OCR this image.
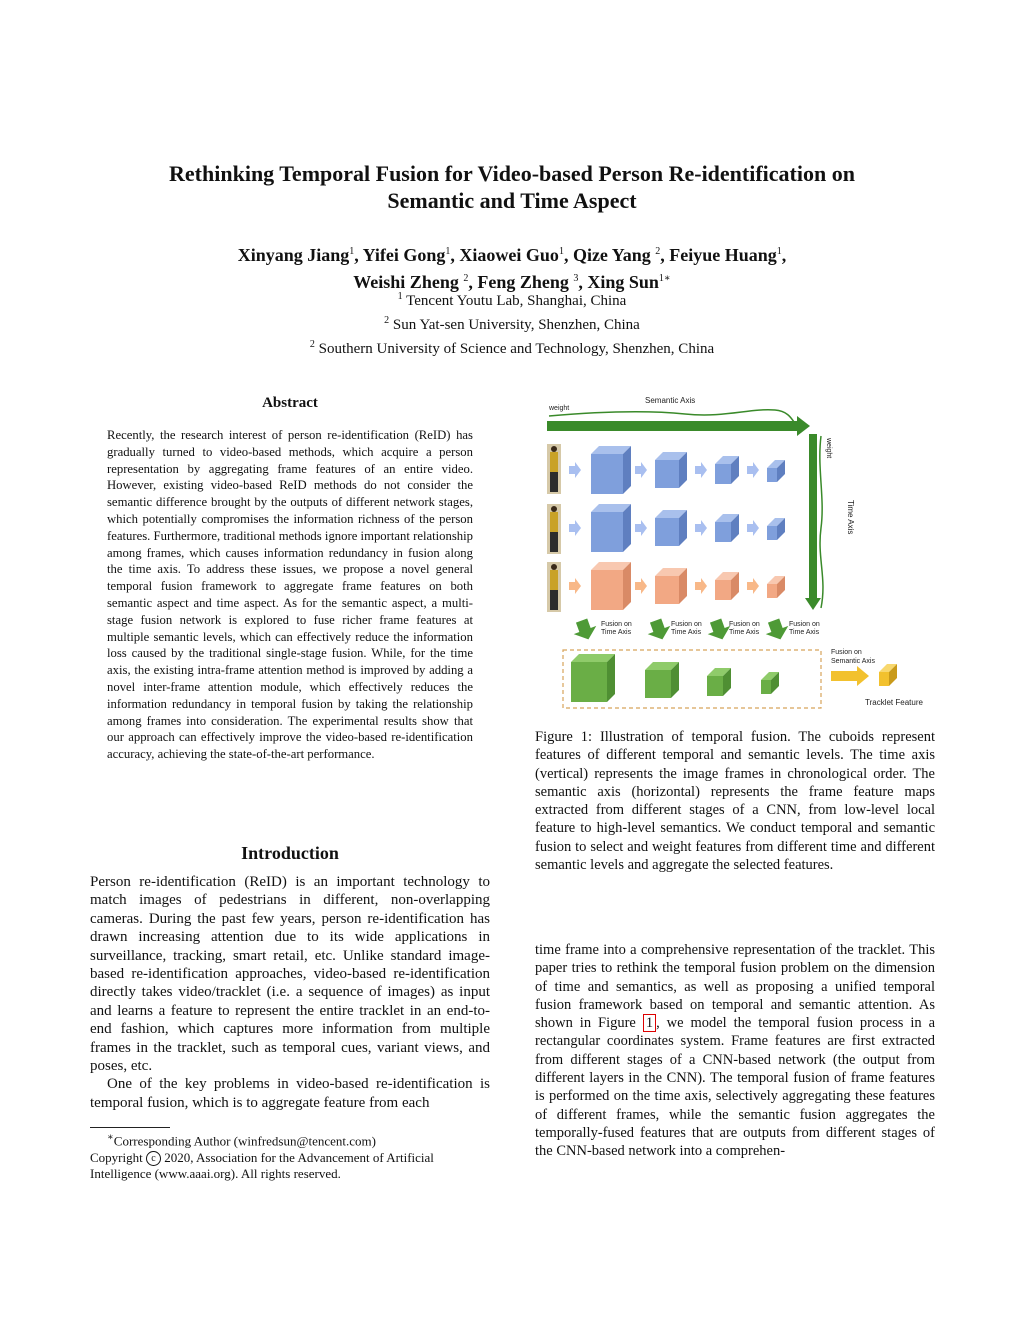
Rethinking Temporal Fusion for Video-based Person Re-identification on
Semantic and Time Aspect
Xinyang Jiang$^1$, Yifei Gong$^1$, Xiaowei Guo$^1$, Qize Yang $^2$, Feiyue Huang$^1$,
Weishi Zheng $^2$, Feng Zheng $^3$, Xing Sun$^{1∗}$
$^1$ Tencent Youtu Lab, Shanghai, China
$^2$ Sun Yat-sen University, Shenzhen, China
$^2$ Southern University of Science and Technology, Shenzhen, China
Abstract
Recently, the research interest of person re-identification (ReID) has gradually turned to video-based methods, which acquire a person representation by aggregating frame features of an entire video. However, existing video-based ReID methods do not consider the semantic difference brought by the outputs of different network stages, which potentially compromises the information richness of the person features. Furthermore, traditional methods ignore important relationship among frames, which causes information redundancy in fusion along the time axis. To address these issues, we propose a novel general temporal fusion framework to aggregate frame features on both semantic aspect and time aspect. As for the semantic aspect, a multi-stage fusion network is explored to fuse richer frame features at multiple semantic levels, which can effectively reduce the information loss caused by the traditional single-stage fusion. While, for the time axis, the existing intra-frame attention method is improved by adding a novel inter-frame attention module, which effectively reduces the information redundancy in temporal fusion by taking the relationship among frames into consideration. The experimental results show that our approach can effectively improve the video-based re-identification accuracy, achieving the state-of-the-art performance.
Introduction

Person re-identification (ReID) is an important technology to match images of pedestrians in different, non-overlapping cameras. During the past few years, person re-identification has drawn increasing attention due to its wide applications in surveillance, tracking, smart retail, etc. Unlike standard image-based re-identification approaches, video-based re-identification directly takes video/tracklet (i.e. a sequence of images) as input and learns a feature to represent the entire tracklet in an end-to-end fashion, which captures more information from multiple frames in the tracklet, such as temporal cues, variant views, and poses, etc.

One of the key problems in video-based re-identification is temporal fusion, which is to aggregate feature from each

∗Corresponding Author (winfredsun@tencent.com)
Copyright c 2020, Association for the Advancement of Artificial Intelligence (www.aaai.org). All rights reserved.
weight
Semantic Axis
weight
Time Axis
Fusion on
Time Axis
Fusion on
Time Axis
Fusion on
Time Axis
Fusion on
Time Axis
Fusion on
Semantic Axis
Tracklet Feature
Figure 1: Illustration of temporal fusion. The cuboids represent features of different temporal and semantic levels. The time axis (vertical) represents the image frames in chronological order. The semantic axis (horizontal) represents the frame feature maps extracted from different stages of a CNN, from low-level local feature to high-level semantics. We conduct temporal and semantic fusion to select and weight features from different time and different semantic levels and aggregate the selected features.
time frame into a comprehensive representation of the tracklet. This paper tries to rethink the temporal fusion problem on the dimension of time and semantics, as well as proposing a unified temporal fusion framework based on temporal and semantic attention. As shown in Figure 1 , we model the temporal fusion process in a rectangular coordinates system. Frame features are first extracted from different stages of a CNN-based network (the output from different layers in the CNN). The temporal fusion of frame features is performed on the time axis, selectively aggregating these features of different frames, while the semantic fusion aggregates the temporally-fused features that are outputs from different stages of the CNN-based network into a comprehen-
